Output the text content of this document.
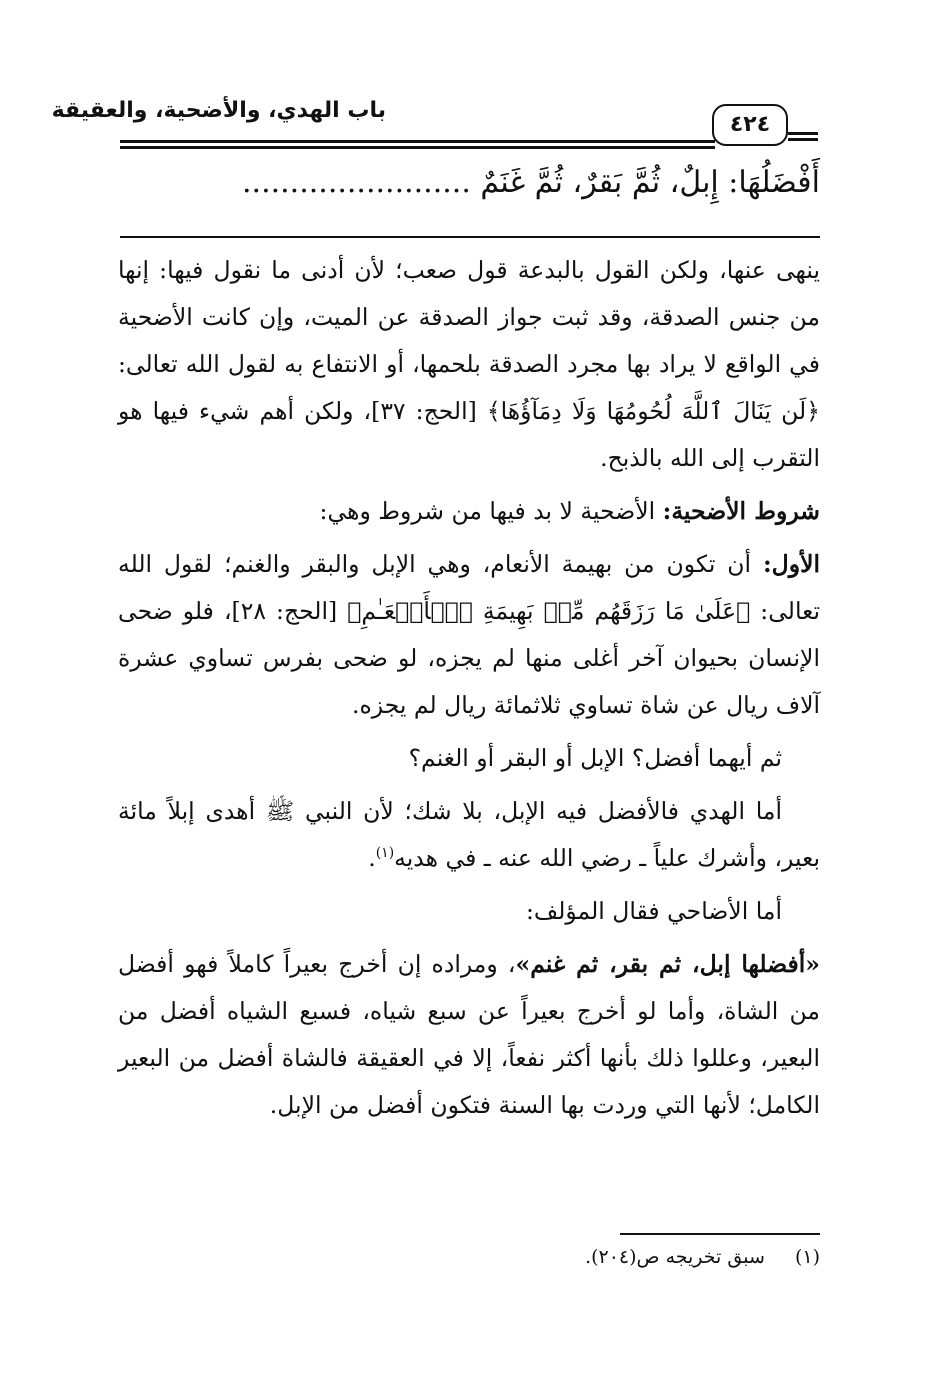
باب الهدي، والأضحية، والعقيقة
٤٢٤
أَفْضَلُهَا: إِبلٌ، ثُمَّ بَقرٌ، ثُمَّ غَنَمٌ ........................

ينهى عنها، ولكن القول بالبدعة قول صعب؛ لأن أدنى ما نقول فيها: إنها من جنس الصدقة، وقد ثبت جواز الصدقة عن الميت، وإن كانت الأضحية في الواقع لا يراد بها مجرد الصدقة بلحمها، أو الانتفاع به لقول الله تعالى: ﴿لَن يَنَالَ ٱللَّهَ لُحُومُهَا وَلَا دِمَآؤُهَا﴾ [الحج: ٣٧]، ولكن أهم شيء فيها هو التقرب إلى الله بالذبح.

شروط الأضحية: الأضحية لا بد فيها من شروط وهي:

الأول: أن تكون من بهيمة الأنعام، وهي الإبل والبقر والغنم؛ لقول الله تعالى: ﴿عَلَىٰ مَا رَزَقَهُم مِّنۢ بَهِيمَةِ ٱلۡأَنۡعَـٰمِ﴾ [الحج: ٢٨]، فلو ضحى الإنسان بحيوان آخر أغلى منها لم يجزه، لو ضحى بفرس تساوي عشرة آلاف ريال عن شاة تساوي ثلاثمائة ريال لم يجزه.

ثم أيهما أفضل؟ الإبل أو البقر أو الغنم؟

أما الهدي فالأفضل فيه الإبل، بلا شك؛ لأن النبي ﷺ أهدى إبلاً مائة بعير، وأشرك علياً ـ رضي الله عنه ـ في هديه$^{(١)}$.

أما الأضاحي فقال المؤلف:

«أفضلها إبل، ثم بقر، ثم غنم»، ومراده إن أخرج بعيراً كاملاً فهو أفضل من الشاة، وأما لو أخرج بعيراً عن سبع شياه، فسبع الشياه أفضل من البعير، وعللوا ذلك بأنها أكثر نفعاً، إلا في العقيقة فالشاة أفضل من البعير الكامل؛ لأنها التي وردت بها السنة فتكون أفضل من الإبل.

(١) سبق تخريجه ص(٢٠٤).
